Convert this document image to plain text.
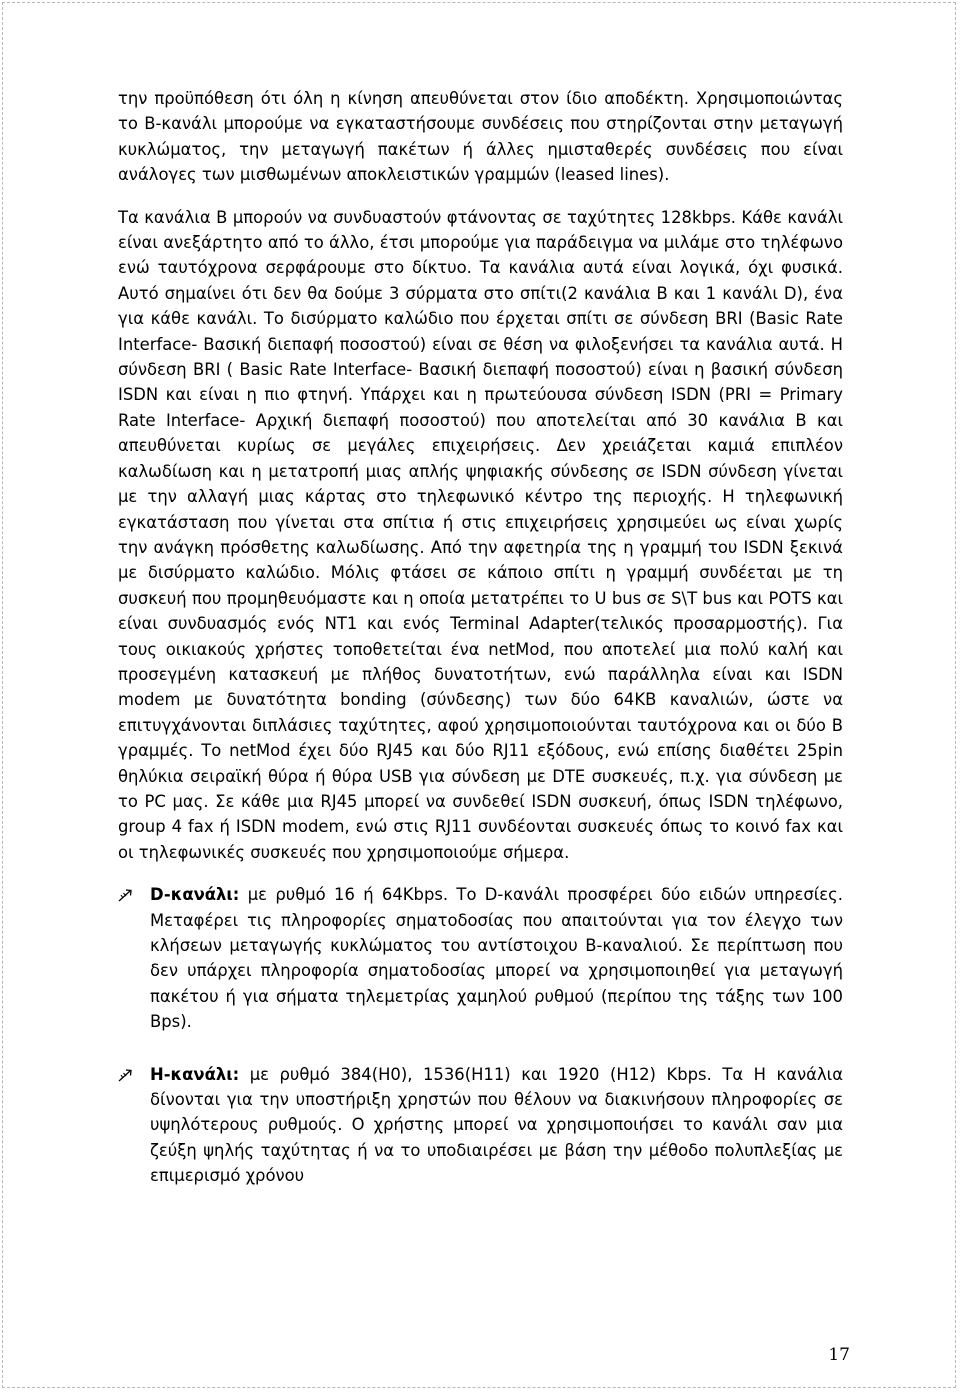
την προϋπόθεση ότι όλη η κίνηση απευθύνεται στον ίδιο αποδέκτη. Χρησιμοποιώντας το Β-κανάλι μπορούμε να εγκαταστήσουμε συνδέσεις που στηρίζονται στην μεταγωγή κυκλώματος, την μεταγωγή πακέτων ή άλλες ημισταθερές συνδέσεις που είναι ανάλογες των μισθωμένων αποκλειστικών γραμμών (leased lines).

Τα κανάλια B μπορούν να συνδυαστούν φτάνοντας σε ταχύτητες 128kbps. Κάθε κανάλι είναι ανεξάρτητο από το άλλο, έτσι μπορούμε για παράδειγμα να μιλάμε στο τηλέφωνο ενώ ταυτόχρονα σερφάρουμε στο δίκτυο. Τα κανάλια αυτά είναι λογικά, όχι φυσικά. Αυτό σημαίνει ότι δεν θα δούμε 3 σύρματα στο σπίτι(2 κανάλια B και 1 κανάλι D), ένα για κάθε κανάλι. Το δισύρματο καλώδιο που έρχεται σπίτι σε σύνδεση BRI (Basic Rate Interface- Βασική διεπαφή ποσοστού) είναι σε θέση να φιλοξενήσει τα κανάλια αυτά. Η σύνδεση BRI ( Basic Rate Interface- Βασική διεπαφή ποσοστού) είναι η βασική σύνδεση ISDN και είναι η πιο φτηνή. Υπάρχει και η πρωτεύουσα σύνδεση ISDN (PRI = Primary Rate Interface- Αρχική διεπαφή ποσοστού) που αποτελείται από 30 κανάλια B και απευθύνεται κυρίως σε μεγάλες επιχειρήσεις. Δεν χρειάζεται καμιά επιπλέον καλωδίωση και η μετατροπή μιας απλής ψηφιακής σύνδεσης σε ISDN σύνδεση γίνεται με την αλλαγή μιας κάρτας στο τηλεφωνικό κέντρο της περιοχής. Η τηλεφωνική εγκατάσταση που γίνεται στα σπίτια ή στις επιχειρήσεις χρησιμεύει ως είναι χωρίς την ανάγκη πρόσθετης καλωδίωσης. Από την αφετηρία της η γραμμή του ISDN ξεκινά με δισύρματο καλώδιο. Μόλις φτάσει σε κάποιο σπίτι η γραμμή συνδέεται με τη συσκευή που προμηθευόμαστε και η οποία μετατρέπει το U bus σε S\T bus και POTS και είναι συνδυασμός ενός NT1 και ενός Terminal Adapter(τελικός προσαρμοστής). Για τους οικιακούς χρήστες τοποθετείται ένα netMod, που αποτελεί μια πολύ καλή και προσεγμένη κατασκευή με πλήθος δυνατοτήτων, ενώ παράλληλα είναι και ISDN modem με δυνατότητα bonding (σύνδεσης) των δύο 64KB καναλιών, ώστε να επιτυγχάνονται διπλάσιες ταχύτητες, αφού χρησιμοποιούνται ταυτόχρονα και οι δύο B γραμμές. Το netMod έχει δύο RJ45 και δύο RJ11 εξόδους, ενώ επίσης διαθέτει 25pin θηλύκια σειραϊκή θύρα ή θύρα USB για σύνδεση με DTE συσκευές, π.χ. για σύνδεση με το PC μας. Σε κάθε μια RJ45 μπορεί να συνδεθεί ISDN συσκευή, όπως ISDN τηλέφωνο, group 4 fax ή ISDN modem, ενώ στις RJ11 συνδέονται συσκευές όπως το κοινό fax και οι τηλεφωνικές συσκευές που χρησιμοποιούμε σήμερα.

D-κανάλι: με ρυθμό 16 ή 64Kbps. Το D-κανάλι προσφέρει δύο ειδών υπηρεσίες. Μεταφέρει τις πληροφορίες σηματοδοσίας που απαιτούνται για τον έλεγχο των κλήσεων μεταγωγής κυκλώματος του αντίστοιχου Β-καναλιού. Σε περίπτωση που δεν υπάρχει πληροφορία σηματοδοσίας μπορεί να χρησιμοποιηθεί για μεταγωγή πακέτου ή για σήματα τηλεμετρίας χαμηλού ρυθμού (περίπου της τάξης των 100 Bps).
H-κανάλι: με ρυθμό 384(H0), 1536(H11) και 1920 (H12) Kbps. Τα Η κανάλια δίνονται για την υποστήριξη χρηστών που θέλουν να διακινήσουν πληροφορίες σε υψηλότερους ρυθμούς. Ο χρήστης μπορεί να χρησιμοποιήσει το κανάλι σαν μια ζεύξη ψηλής ταχύτητας ή να το υποδιαιρέσει με βάση την μέθοδο πολυπλεξίας με επιμερισμό χρόνου
17
